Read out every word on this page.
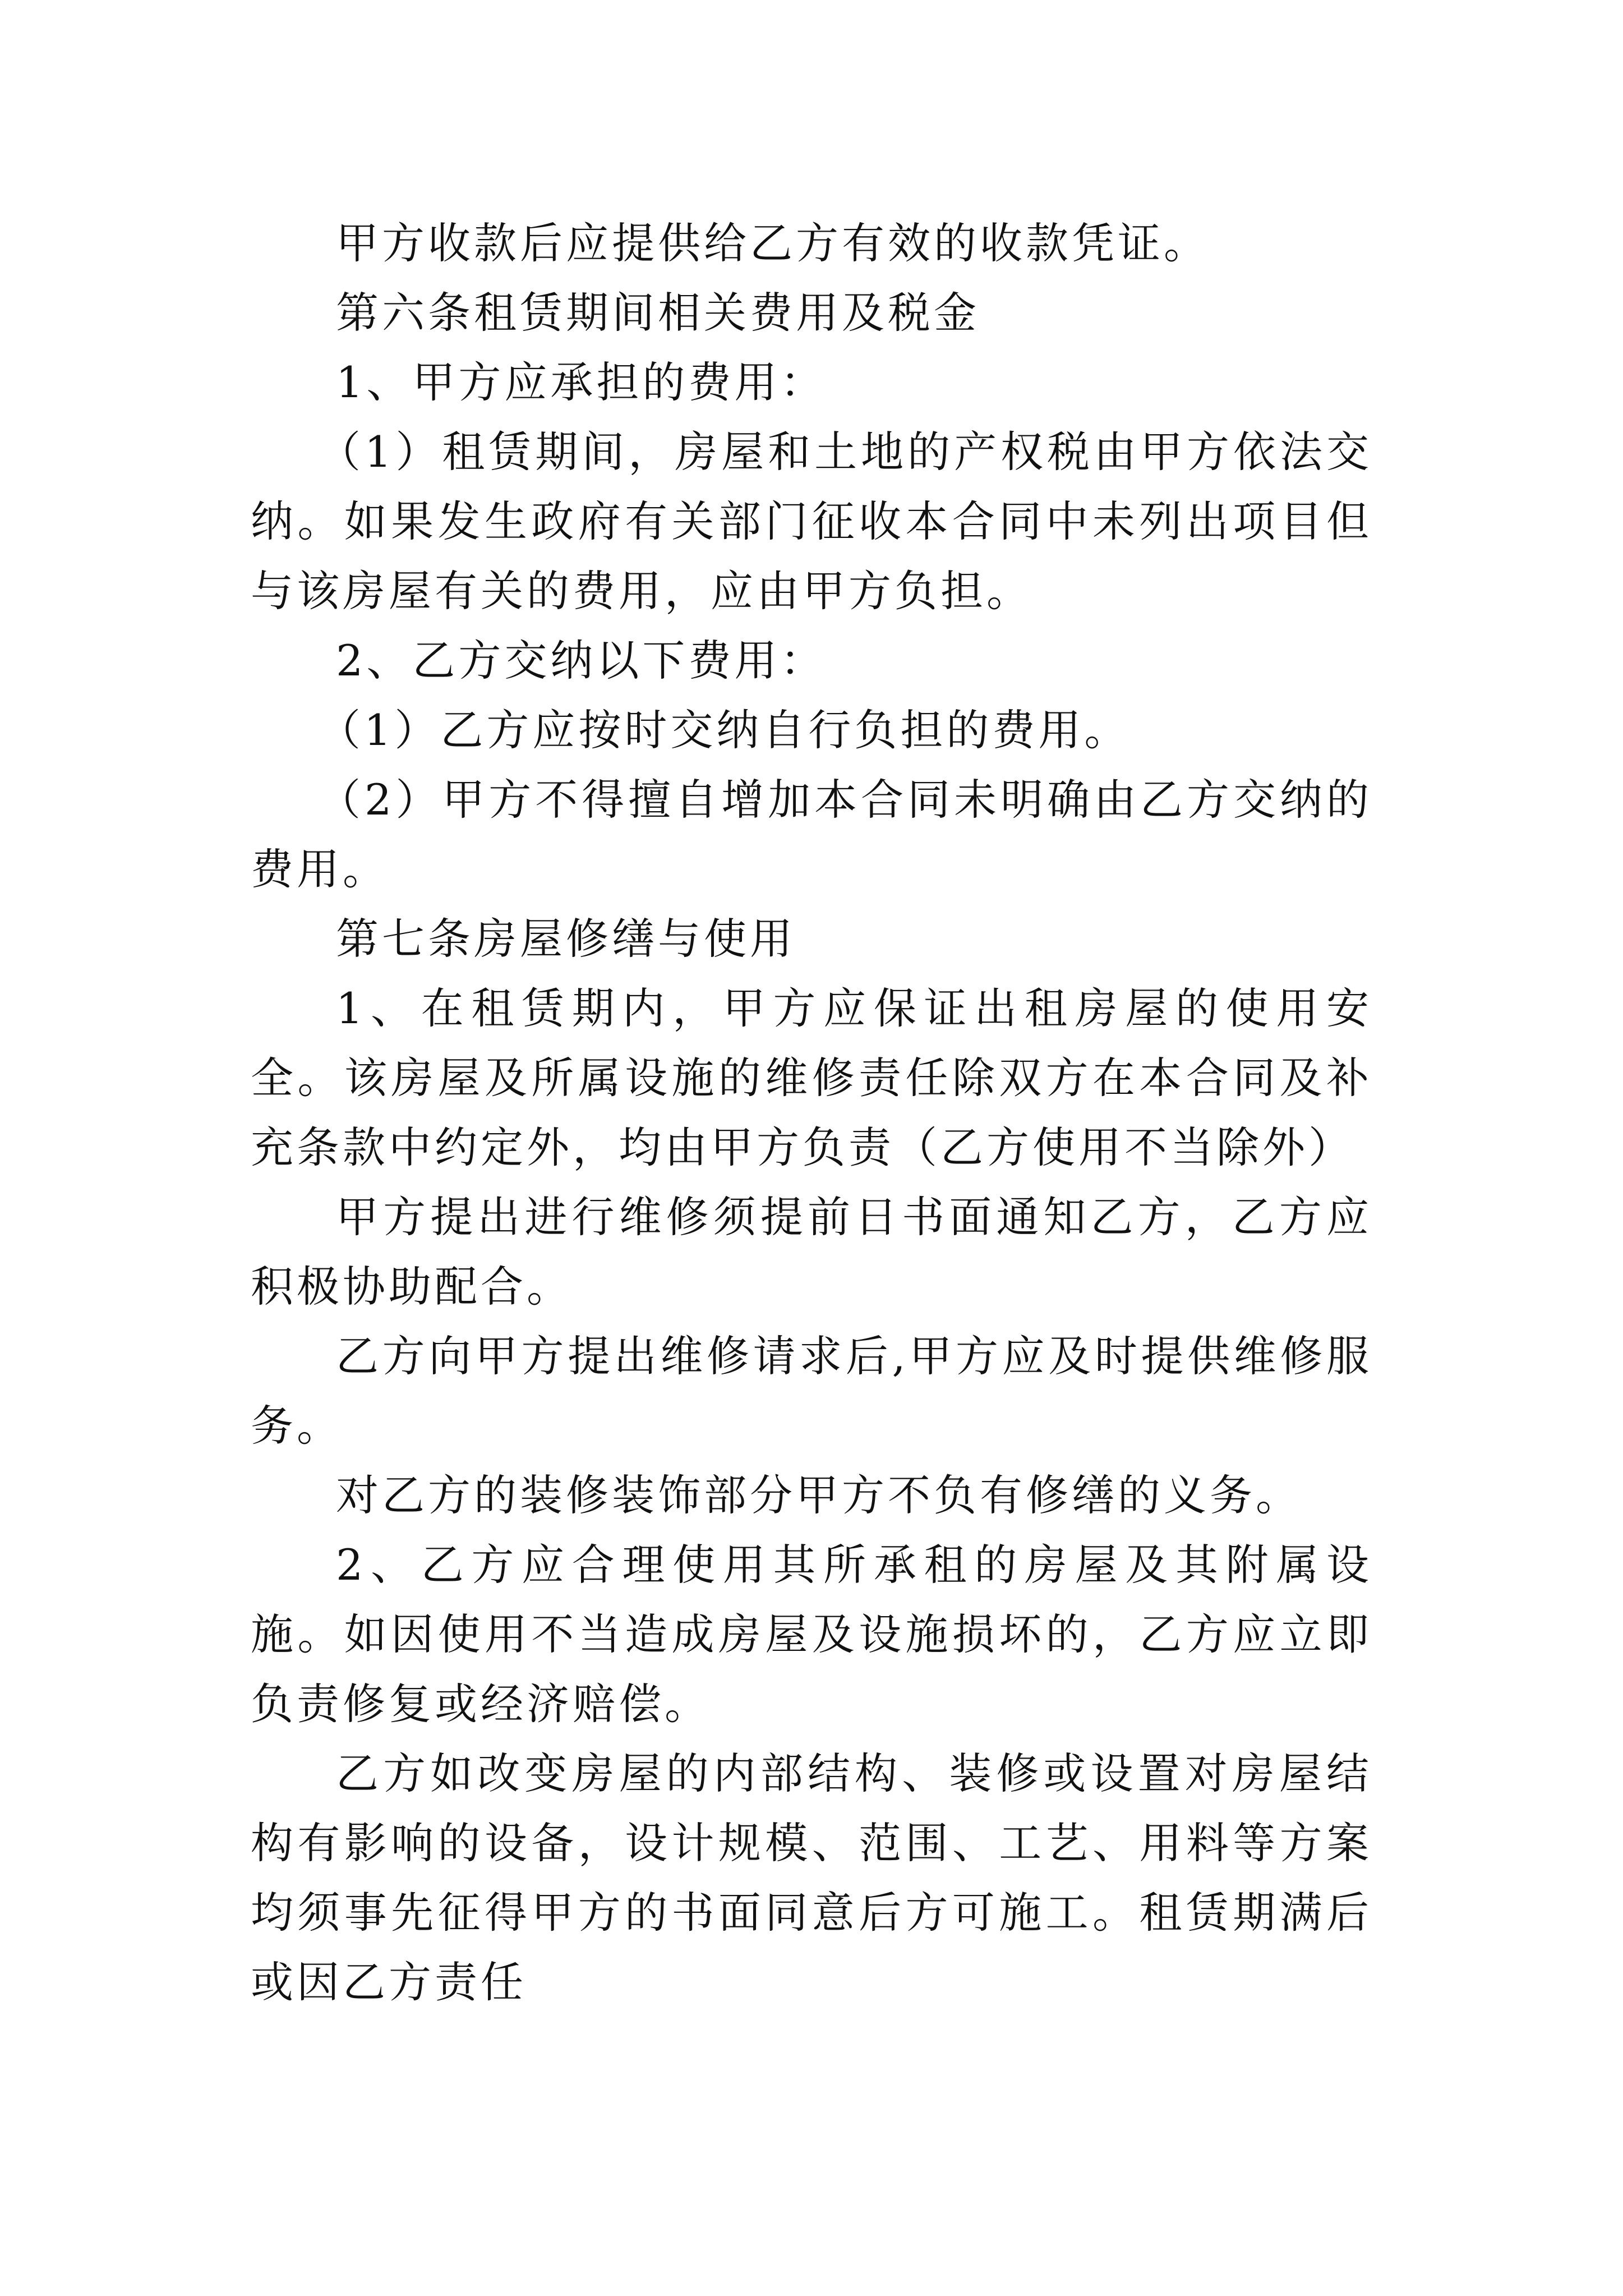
甲方收款后应提供给乙方有效的收款凭证。

第六条租赁期间相关费用及税金

1、甲方应承担的费用：

（1）租赁期间，房屋和土地的产权税由甲方依法交纳。如果发生政府有关部门征收本合同中未列出项目但与该房屋有关的费用，应由甲方负担。

2、乙方交纳以下费用：

（1）乙方应按时交纳自行负担的费用。

（2）甲方不得擅自增加本合同未明确由乙方交纳的费用。

第七条房屋修缮与使用

1、在租赁期内，甲方应保证出租房屋的使用安全。该房屋及所属设施的维修责任除双方在本合同及补充条款中约定外，均由甲方负责（乙方使用不当除外）

甲方提出进行维修须提前日书面通知乙方，乙方应积极协助配合。

乙方向甲方提出维修请求后,甲方应及时提供维修服务。

对乙方的装修装饰部分甲方不负有修缮的义务。

2、乙方应合理使用其所承租的房屋及其附属设施。如因使用不当造成房屋及设施损坏的，乙方应立即负责修复或经济赔偿。

乙方如改变房屋的内部结构、装修或设置对房屋结构有影响的设备，设计规模、范围、工艺、用料等方案均须事先征得甲方的书面同意后方可施工。租赁期满后或因乙方责任
